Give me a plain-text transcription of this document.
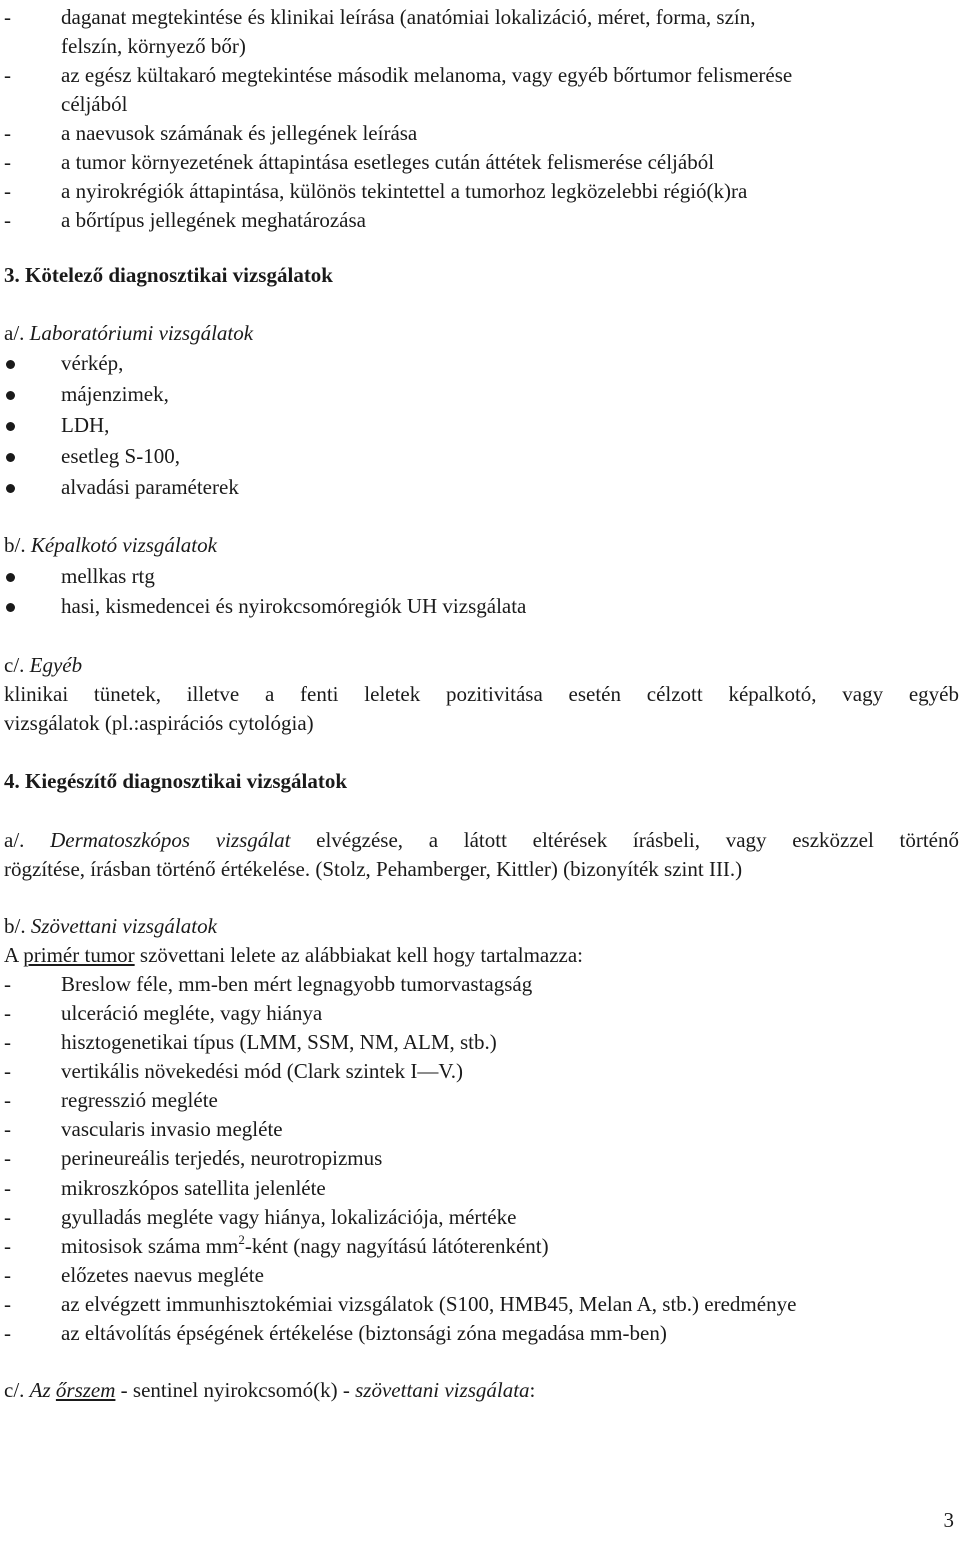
- daganat megtekintése és klinikai leírása (anatómiai lokalizáció, méret, forma, szín,
felszín, környező bőr)
- az egész kültakaró megtekintése második melanoma, vagy egyéb bőrtumor felismerése
céljából
- a naevusok számának és jellegének leírása
- a tumor környezetének áttapintása esetleges cután áttétek felismerése céljából
- a nyirokrégiók áttapintása, különös tekintettel a tumorhoz legközelebbi régió(k)ra
- a bőrtípus jellegének meghatározása
3. Kötelező diagnosztikai vizsgálatok
a/. Laboratóriumi vizsgálatok
vérkép,
májenzimek,
LDH,
esetleg S-100,
alvadási paraméterek
b/. Képalkotó vizsgálatok
mellkas rtg
hasi, kismedencei és nyirokcsomóregiók UH vizsgálata
c/. Egyéb
klinikai tünetek, illetve a fenti leletek pozitivitása esetén célzott képalkotó, vagy egyéb
vizsgálatok (pl.:aspirációs cytológia)
4. Kiegészítő diagnosztikai vizsgálatok
a/. Dermatoszkópos vizsgálat elvégzése, a látott eltérések írásbeli, vagy eszközzel történő
rögzítése, írásban történő értékelése. (Stolz, Pehamberger, Kittler) (bizonyíték szint III.)
b/. Szövettani vizsgálatok
A primér tumor szövettani lelete az alábbiakat kell hogy tartalmazza:
- Breslow féle, mm-ben mért legnagyobb tumorvastagság
- ulceráció megléte, vagy hiánya
- hisztogenetikai típus (LMM, SSM, NM, ALM, stb.)
- vertikális növekedési mód (Clark szintek I—V.)
- regresszió megléte
- vascularis invasio megléte
- perineureális terjedés, neurotropizmus
- mikroszkópos satellita jelenléte
- gyulladás megléte vagy hiánya, lokalizációja, mértéke
- mitosisok száma $mm^2$-ként (nagy nagyítású látóterenként)
- előzetes naevus megléte
- az elvégzett immunhisztokémiai vizsgálatok (S100, HMB45, Melan A, stb.) eredménye
- az eltávolítás épségének értékelése (biztonsági zóna megadása mm-ben)
c/. Az őrszem - sentinel nyirokcsomó(k) - szövettani vizsgálata:
3
